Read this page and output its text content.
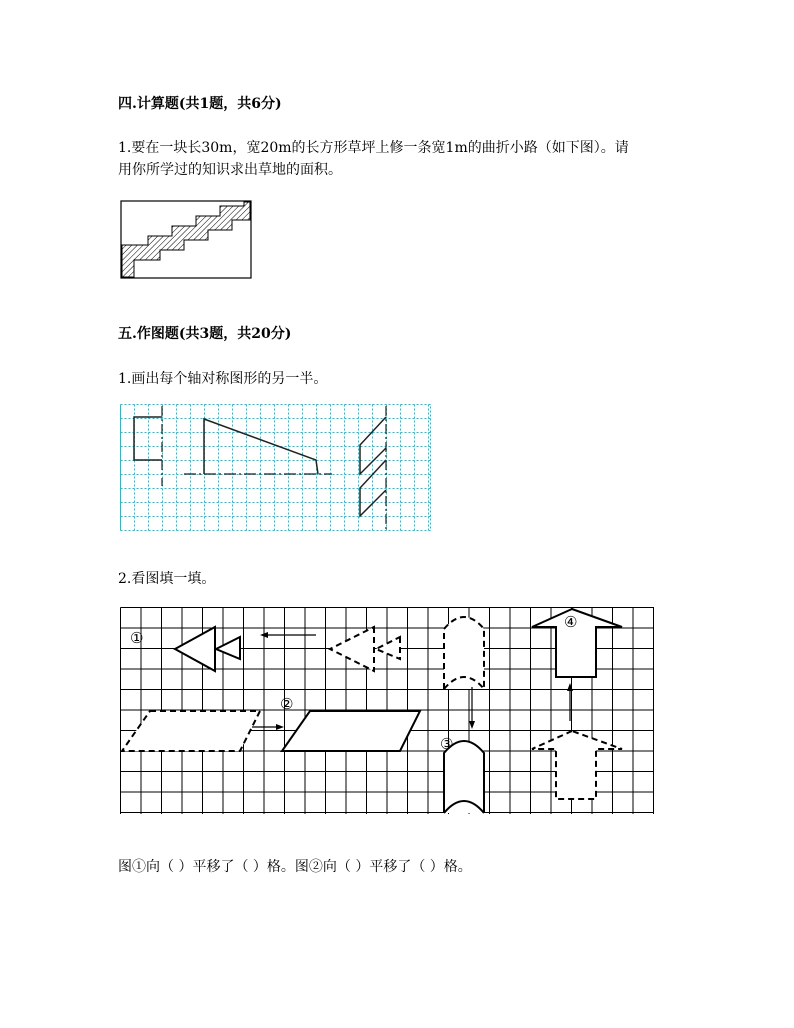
四.计算题(共1题，共6分)
1.要在一块长30m，宽20m的长方形草坪上修一条宽1m的曲折小路（如下图）。请
用你所学过的知识求出草地的面积。
五.作图题(共3题，共20分)
1.画出每个轴对称图形的另一半。
2.看图填一填。
①
②
③
④
图①向（ ）平移了（ ）格。图②向（ ）平移了（ ）格。
